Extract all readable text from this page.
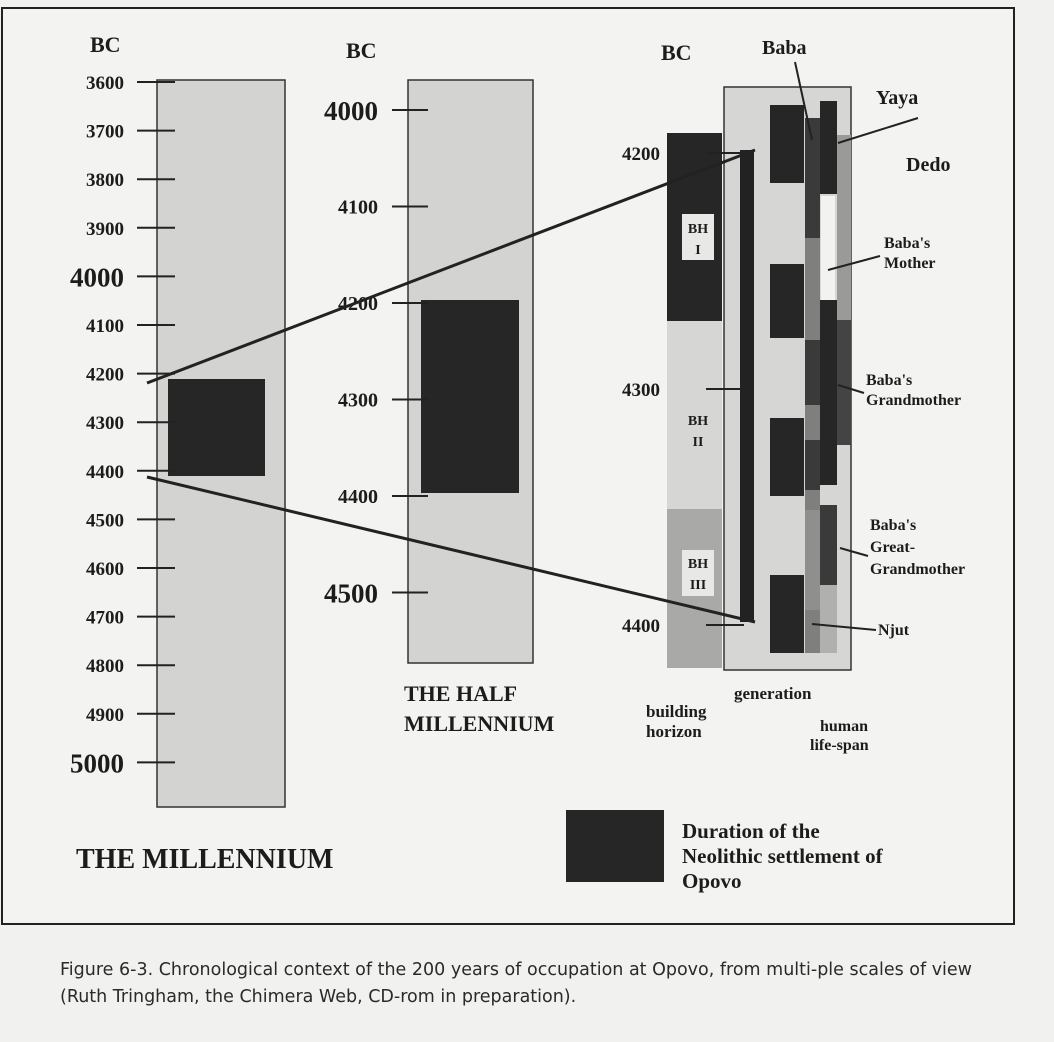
BC
3600
3700
3800
3900
4000
4100
4200
4300
4400
4500
4600
4700
4800
4900
5000
THE MILLENNIUM
BC
4000
4100
4200
4300
4400
4500
THE HALF
MILLENNIUM
BC
BH
I
BH
II
BH
III
4200
4300
4400
Baba
Yaya
Dedo
Baba's
Mother
Baba's
Grandmother
Baba's
Great-
Grandmother
Njut
building
horizon
generation
human
life-span
Duration of the
Neolithic settlement of
Opovo

Figure 6-3. Chronological context of the 200 years of occupation at Opovo, from multi-ple scales of view (Ruth Tringham, the Chimera Web, CD-rom in preparation).
